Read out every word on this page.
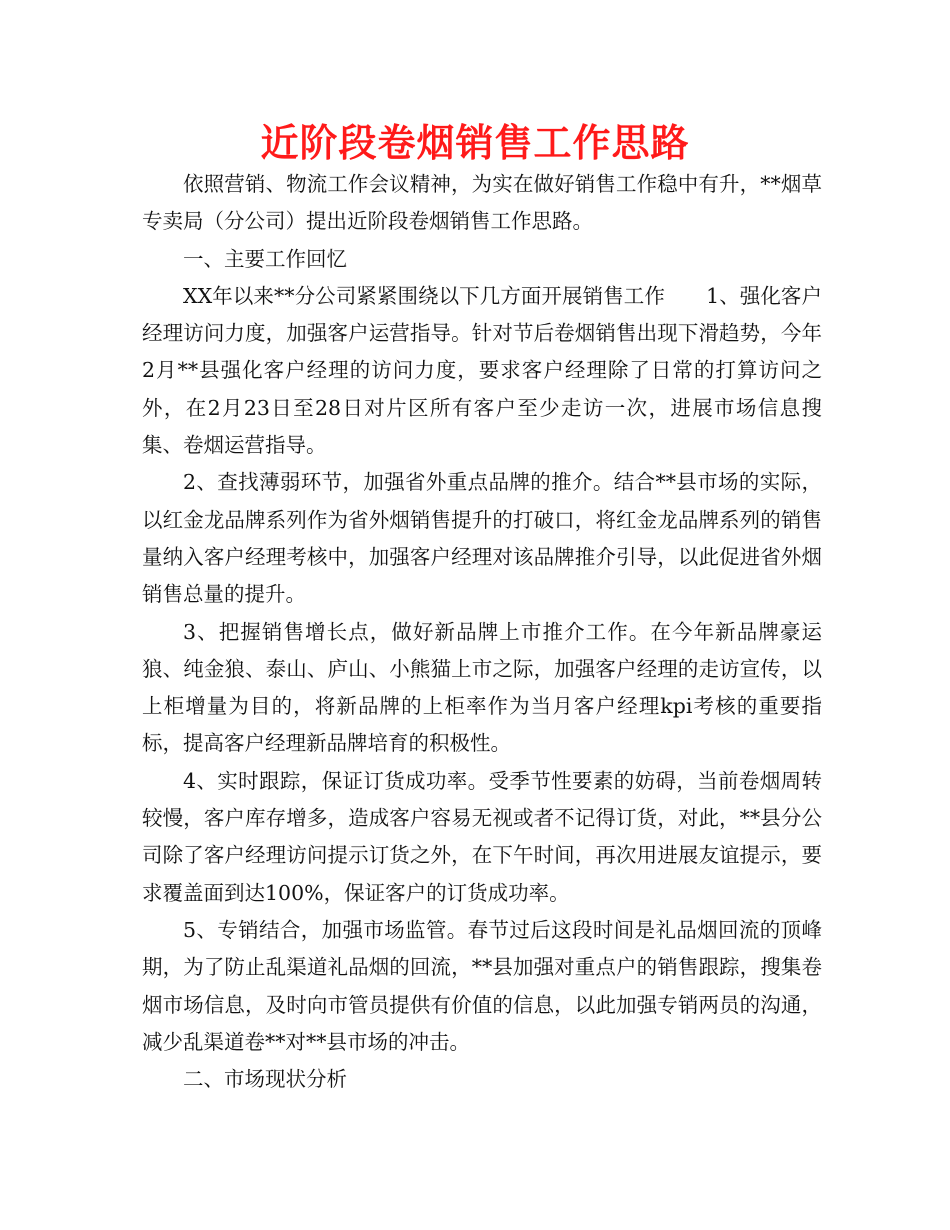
近阶段卷烟销售工作思路

依照营销、物流工作会议精神，为实在做好销售工作稳中有升，**烟草专卖局（分公司）提出近阶段卷烟销售工作思路。

一、主要工作回忆

XX年以来**分公司紧紧围绕以下几方面开展销售工作　　1、强化客户经理访问力度，加强客户运营指导。针对节后卷烟销售出现下滑趋势，今年2月**县强化客户经理的访问力度，要求客户经理除了日常的打算访问之外，在2月23日至28日对片区所有客户至少走访一次，进展市场信息搜集、卷烟运营指导。

2、查找薄弱环节，加强省外重点品牌的推介。结合**县市场的实际，以红金龙品牌系列作为省外烟销售提升的打破口，将红金龙品牌系列的销售量纳入客户经理考核中，加强客户经理对该品牌推介引导，以此促进省外烟销售总量的提升。

3、把握销售增长点，做好新品牌上市推介工作。在今年新品牌豪运狼、纯金狼、泰山、庐山、小熊猫上市之际，加强客户经理的走访宣传，以上柜增量为目的，将新品牌的上柜率作为当月客户经理kpi考核的重要指标，提高客户经理新品牌培育的积极性。

4、实时跟踪，保证订货成功率。受季节性要素的妨碍，当前卷烟周转较慢，客户库存增多，造成客户容易无视或者不记得订货，对此，**县分公司除了客户经理访问提示订货之外，在下午时间，再次用进展友谊提示，要求覆盖面到达100%，保证客户的订货成功率。

5、专销结合，加强市场监管。春节过后这段时间是礼品烟回流的顶峰期，为了防止乱渠道礼品烟的回流，**县加强对重点户的销售跟踪，搜集卷烟市场信息，及时向市管员提供有价值的信息，以此加强专销两员的沟通，减少乱渠道卷**对**县市场的冲击。

二、市场现状分析
